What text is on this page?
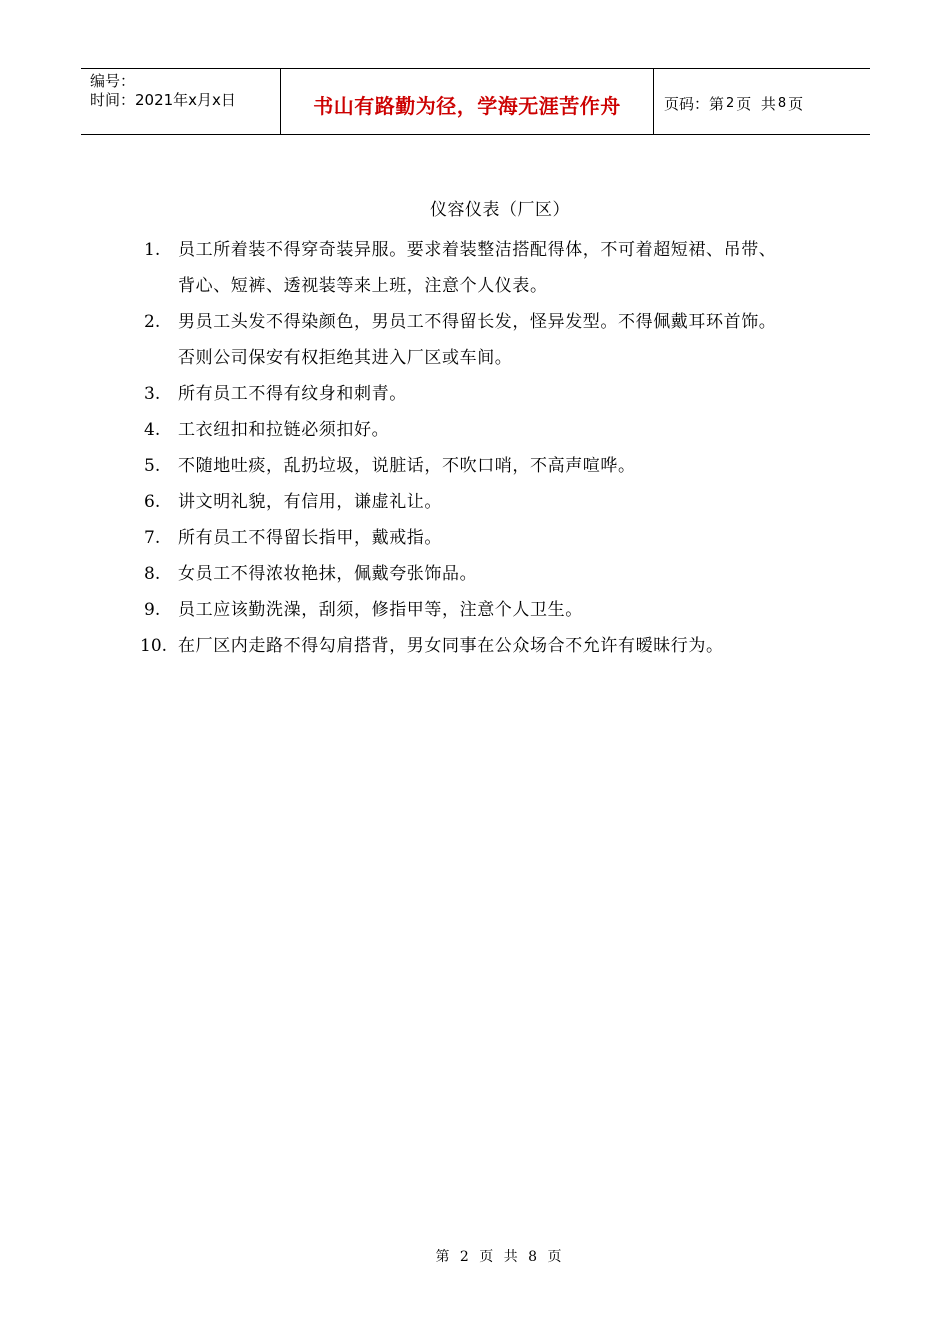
编号：
时间：2021年x月x日	书山有路勤为径，学海无涯苦作舟	页码：第 2 页  共 8 页
仪容仪表（厂区）
1.	员工所着装不得穿奇装异服。要求着装整洁搭配得体，不可着超短裙、吊带、背心、短裤、透视装等来上班，注意个人仪表。
2.	男员工头发不得染颜色，男员工不得留长发，怪异发型。不得佩戴耳环首饰。否则公司保安有权拒绝其进入厂区或车间。
3.	所有员工不得有纹身和刺青。
4.	工衣纽扣和拉链必须扣好。
5.	不随地吐痰，乱扔垃圾，说脏话，不吹口哨，不高声喧哗。
6.	讲文明礼貌，有信用，谦虚礼让。
7.	所有员工不得留长指甲，戴戒指。
8.	女员工不得浓妆艳抹，佩戴夸张饰品。
9.	员工应该勤洗澡，刮须，修指甲等，注意个人卫生。
10. 在厂区内走路不得勾肩搭背，男女同事在公众场合不允许有暧昧行为。
第 2 页 共 8 页
